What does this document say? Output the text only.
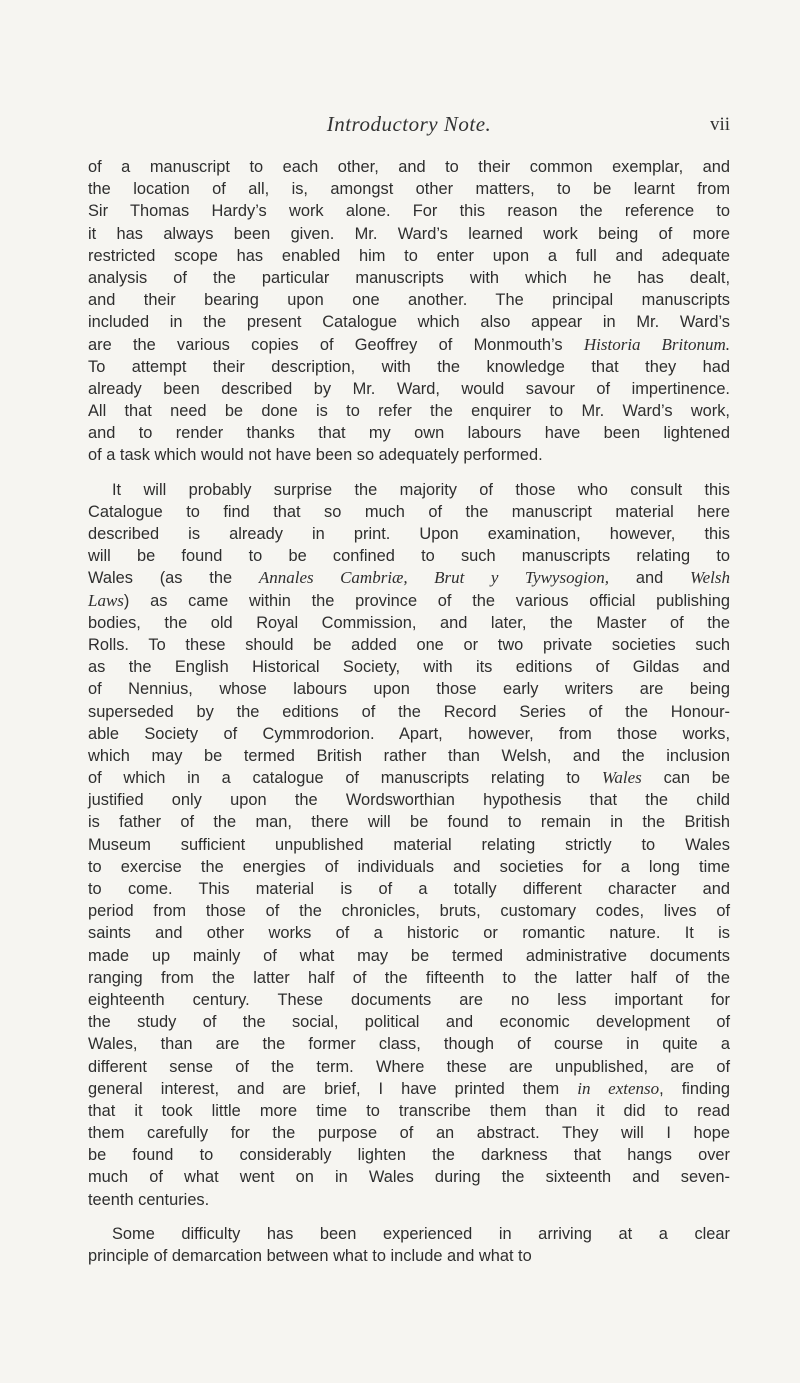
Introductory Note.	vii
of a manuscript to each other, and to their common exemplar, and
the location of all, is, amongst other matters, to be learnt from
Sir Thomas Hardy’s work alone. For this reason the reference to
it has always been given. Mr. Ward’s learned work being of more
restricted scope has enabled him to enter upon a full and adequate
analysis of the particular manuscripts with which he has dealt,
and their bearing upon one another. The principal manuscripts
included in the present Catalogue which also appear in Mr. Ward’s
are the various copies of Geoffrey of Monmouth’s Historia Britonum.
To attempt their description, with the knowledge that they had
already been described by Mr. Ward, would savour of impertinence.
All that need be done is to refer the enquirer to Mr. Ward’s work,
and to render thanks that my own labours have been lightened
of a task which would not have been so adequately performed.
It will probably surprise the majority of those who consult this
Catalogue to find that so much of the manuscript material here
described is already in print. Upon examination, however, this
will be found to be confined to such manuscripts relating to
Wales (as the Annales Cambriæ, Brut y Tywysogion, and Welsh
Laws) as came within the province of the various official publishing
bodies, the old Royal Commission, and later, the Master of the
Rolls. To these should be added one or two private societies such
as the English Historical Society, with its editions of Gildas and
of Nennius, whose labours upon those early writers are being
superseded by the editions of the Record Series of the Honour-
able Society of Cymmrodorion. Apart, however, from those works,
which may be termed British rather than Welsh, and the inclusion
of which in a catalogue of manuscripts relating to Wales can be
justified only upon the Wordsworthian hypothesis that the child
is father of the man, there will be found to remain in the British
Museum sufficient unpublished material relating strictly to Wales
to exercise the energies of individuals and societies for a long time
to come. This material is of a totally different character and
period from those of the chronicles, bruts, customary codes, lives of
saints and other works of a historic or romantic nature. It is
made up mainly of what may be termed administrative documents
ranging from the latter half of the fifteenth to the latter half of the
eighteenth century. These documents are no less important for
the study of the social, political and economic development of
Wales, than are the former class, though of course in quite a
different sense of the term. Where these are unpublished, are of
general interest, and are brief, I have printed them in extenso, finding
that it took little more time to transcribe them than it did to read
them carefully for the purpose of an abstract. They will I hope
be found to considerably lighten the darkness that hangs over
much of what went on in Wales during the sixteenth and seven-
teenth centuries.
Some difficulty has been experienced in arriving at a clear
principle of demarcation between what to include and what to
